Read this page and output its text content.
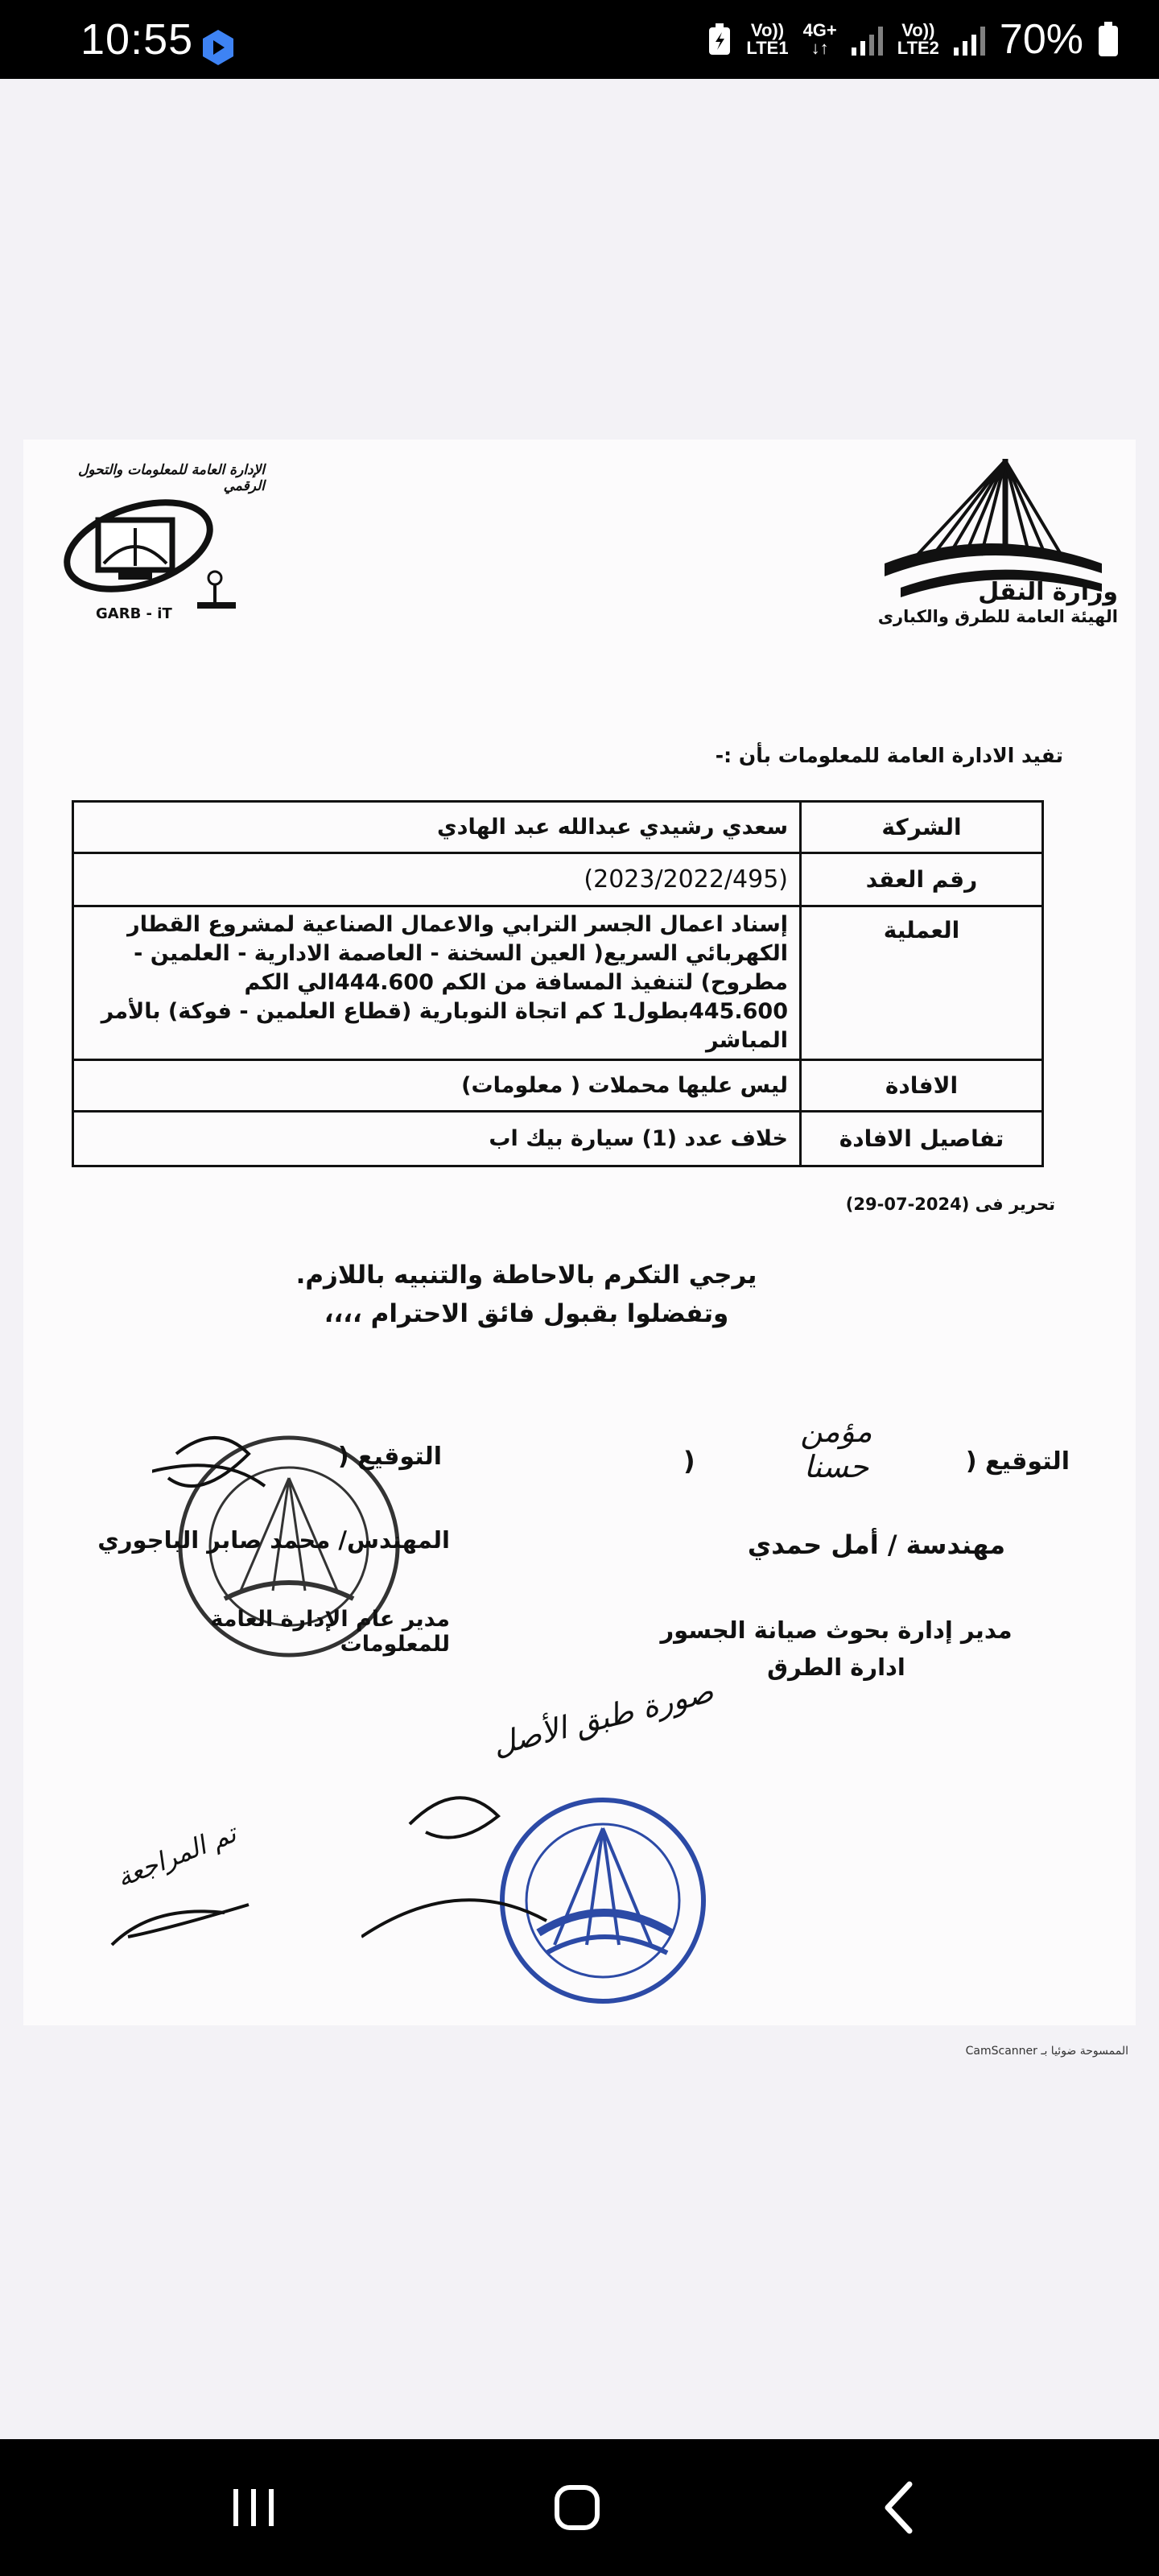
10:55	Vo))
LTE1
4G+
↓↑
Vo))
LTE2 70%
الإدارة العامة للمعلومات والتحول الرقمي
GARB - iT
وزارة النقل
الهيئة العامة للطرق والكبارى
تفيد الادارة العامة للمعلومات بأن :-
الشركة	سعدي رشيدي عبدالله عبد الهادي
رقم العقد	(2023/2022/495)
العملية	إسناد اعمال الجسر الترابي والاعمال الصناعية لمشروع القطار الكهربائي السريع( العين السخنة - العاصمة الادارية - العلمين - مطروح) لتنفيذ المسافة من الكم 444.600الي الكم 445.600بطول1 كم اتجاة النوبارية (قطاع العلمين - فوكة) بالأمر المباشر
الافادة	ليس عليها محملات ( معلومات)
تفاصيل الافادة	خلاف عدد (1) سيارة بيك اب
تحرير فى (2024-07-29)
يرجي التكرم بالاحاطة والتنبيه باللازم.
وتفضلوا بقبول فائق الاحترام ،،،،
التوقيع (
)
مؤمن حسنا
مهندسة / أمل حمدي
مدير إدارة بحوث صيانة الجسور ادارة الطرق
التوقيع (
المهندس/ محمد صابر الباجوري
مدير عام الإدارة العامة للمعلومات
صورة طبق الأصل
تم المراجعة
الممسوحة ضوئيا بـ CamScanner
